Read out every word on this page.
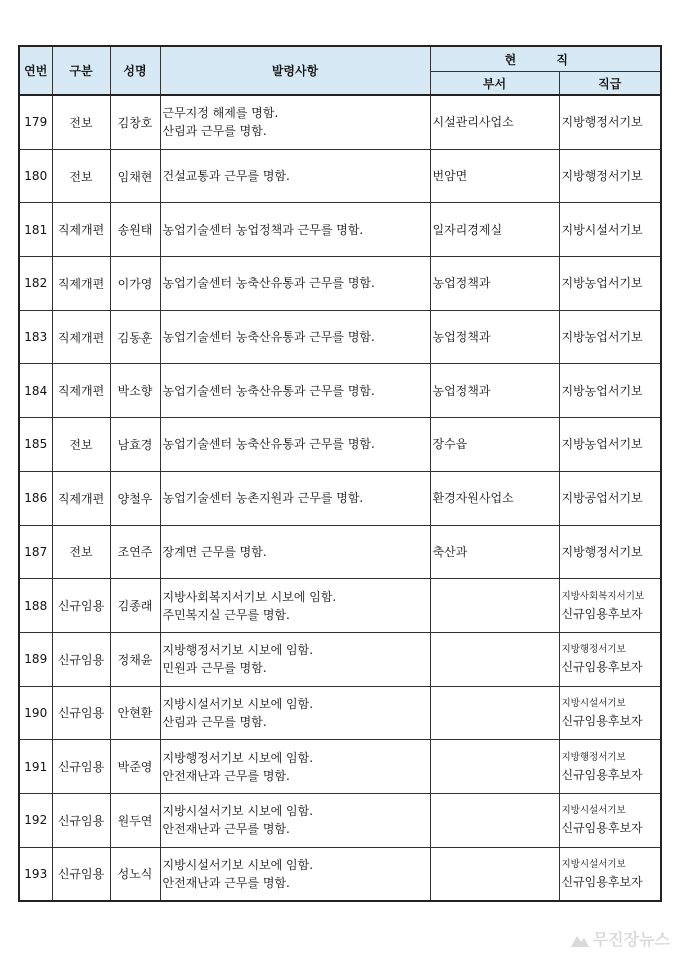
연번	구분	성명	발령사항	현 직	
				부서	직급
179	전보	김창호	근무지정 해제를 명함.
산림과 근무를 명함.	시설관리사업소	지방행정서기보

180	전보	임채현	건설교통과 근무를 명함.	번암면	지방행정서기보

181	직제개편	송원태	농업기술센터 농업정책과 근무를 명함.	일자리경제실	지방시설서기보

182	직제개편	이가영	농업기술센터 농축산유통과 근무를 명함.	농업정책과	지방농업서기보

183	직제개편	김동훈	농업기술센터 농축산유통과 근무를 명함.	농업정책과	지방농업서기보

184	직제개편	박소향	농업기술센터 농축산유통과 근무를 명함.	농업정책과	지방농업서기보

185	전보	남효경	농업기술센터 농축산유통과 근무를 명함.	장수읍	지방농업서기보

186	직제개편	양철우	농업기술센터 농촌지원과 근무를 명함.	환경자원사업소	지방공업서기보

187	전보	조연주	장계면 근무를 명함.	축산과	지방행정서기보

188	신규임용	김종래	지방사회복지서기보 시보에 임함.
주민복지실 근무를 명함.		지방사회복지서기보
신규임용후보자

189	신규임용	정채윤	지방행정서기보 시보에 임함.
민원과 근무를 명함.		지방행정서기보
신규임용후보자

190	신규임용	안현환	지방시설서기보 시보에 임함.
산림과 근무를 명함.		지방시설서기보
신규임용후보자

191	신규임용	박준영	지방행정서기보 시보에 임함.
안전재난과 근무를 명함.		지방행정서기보
신규임용후보자

192	신규임용	원두연	지방시설서기보 시보에 임함.
안전재난과 근무를 명함.		지방시설서기보
신규임용후보자

193	신규임용	성노식	지방시설서기보 시보에 임함.
안전재난과 근무를 명함.		지방시설서기보
신규임용후보자
무진장뉴스
